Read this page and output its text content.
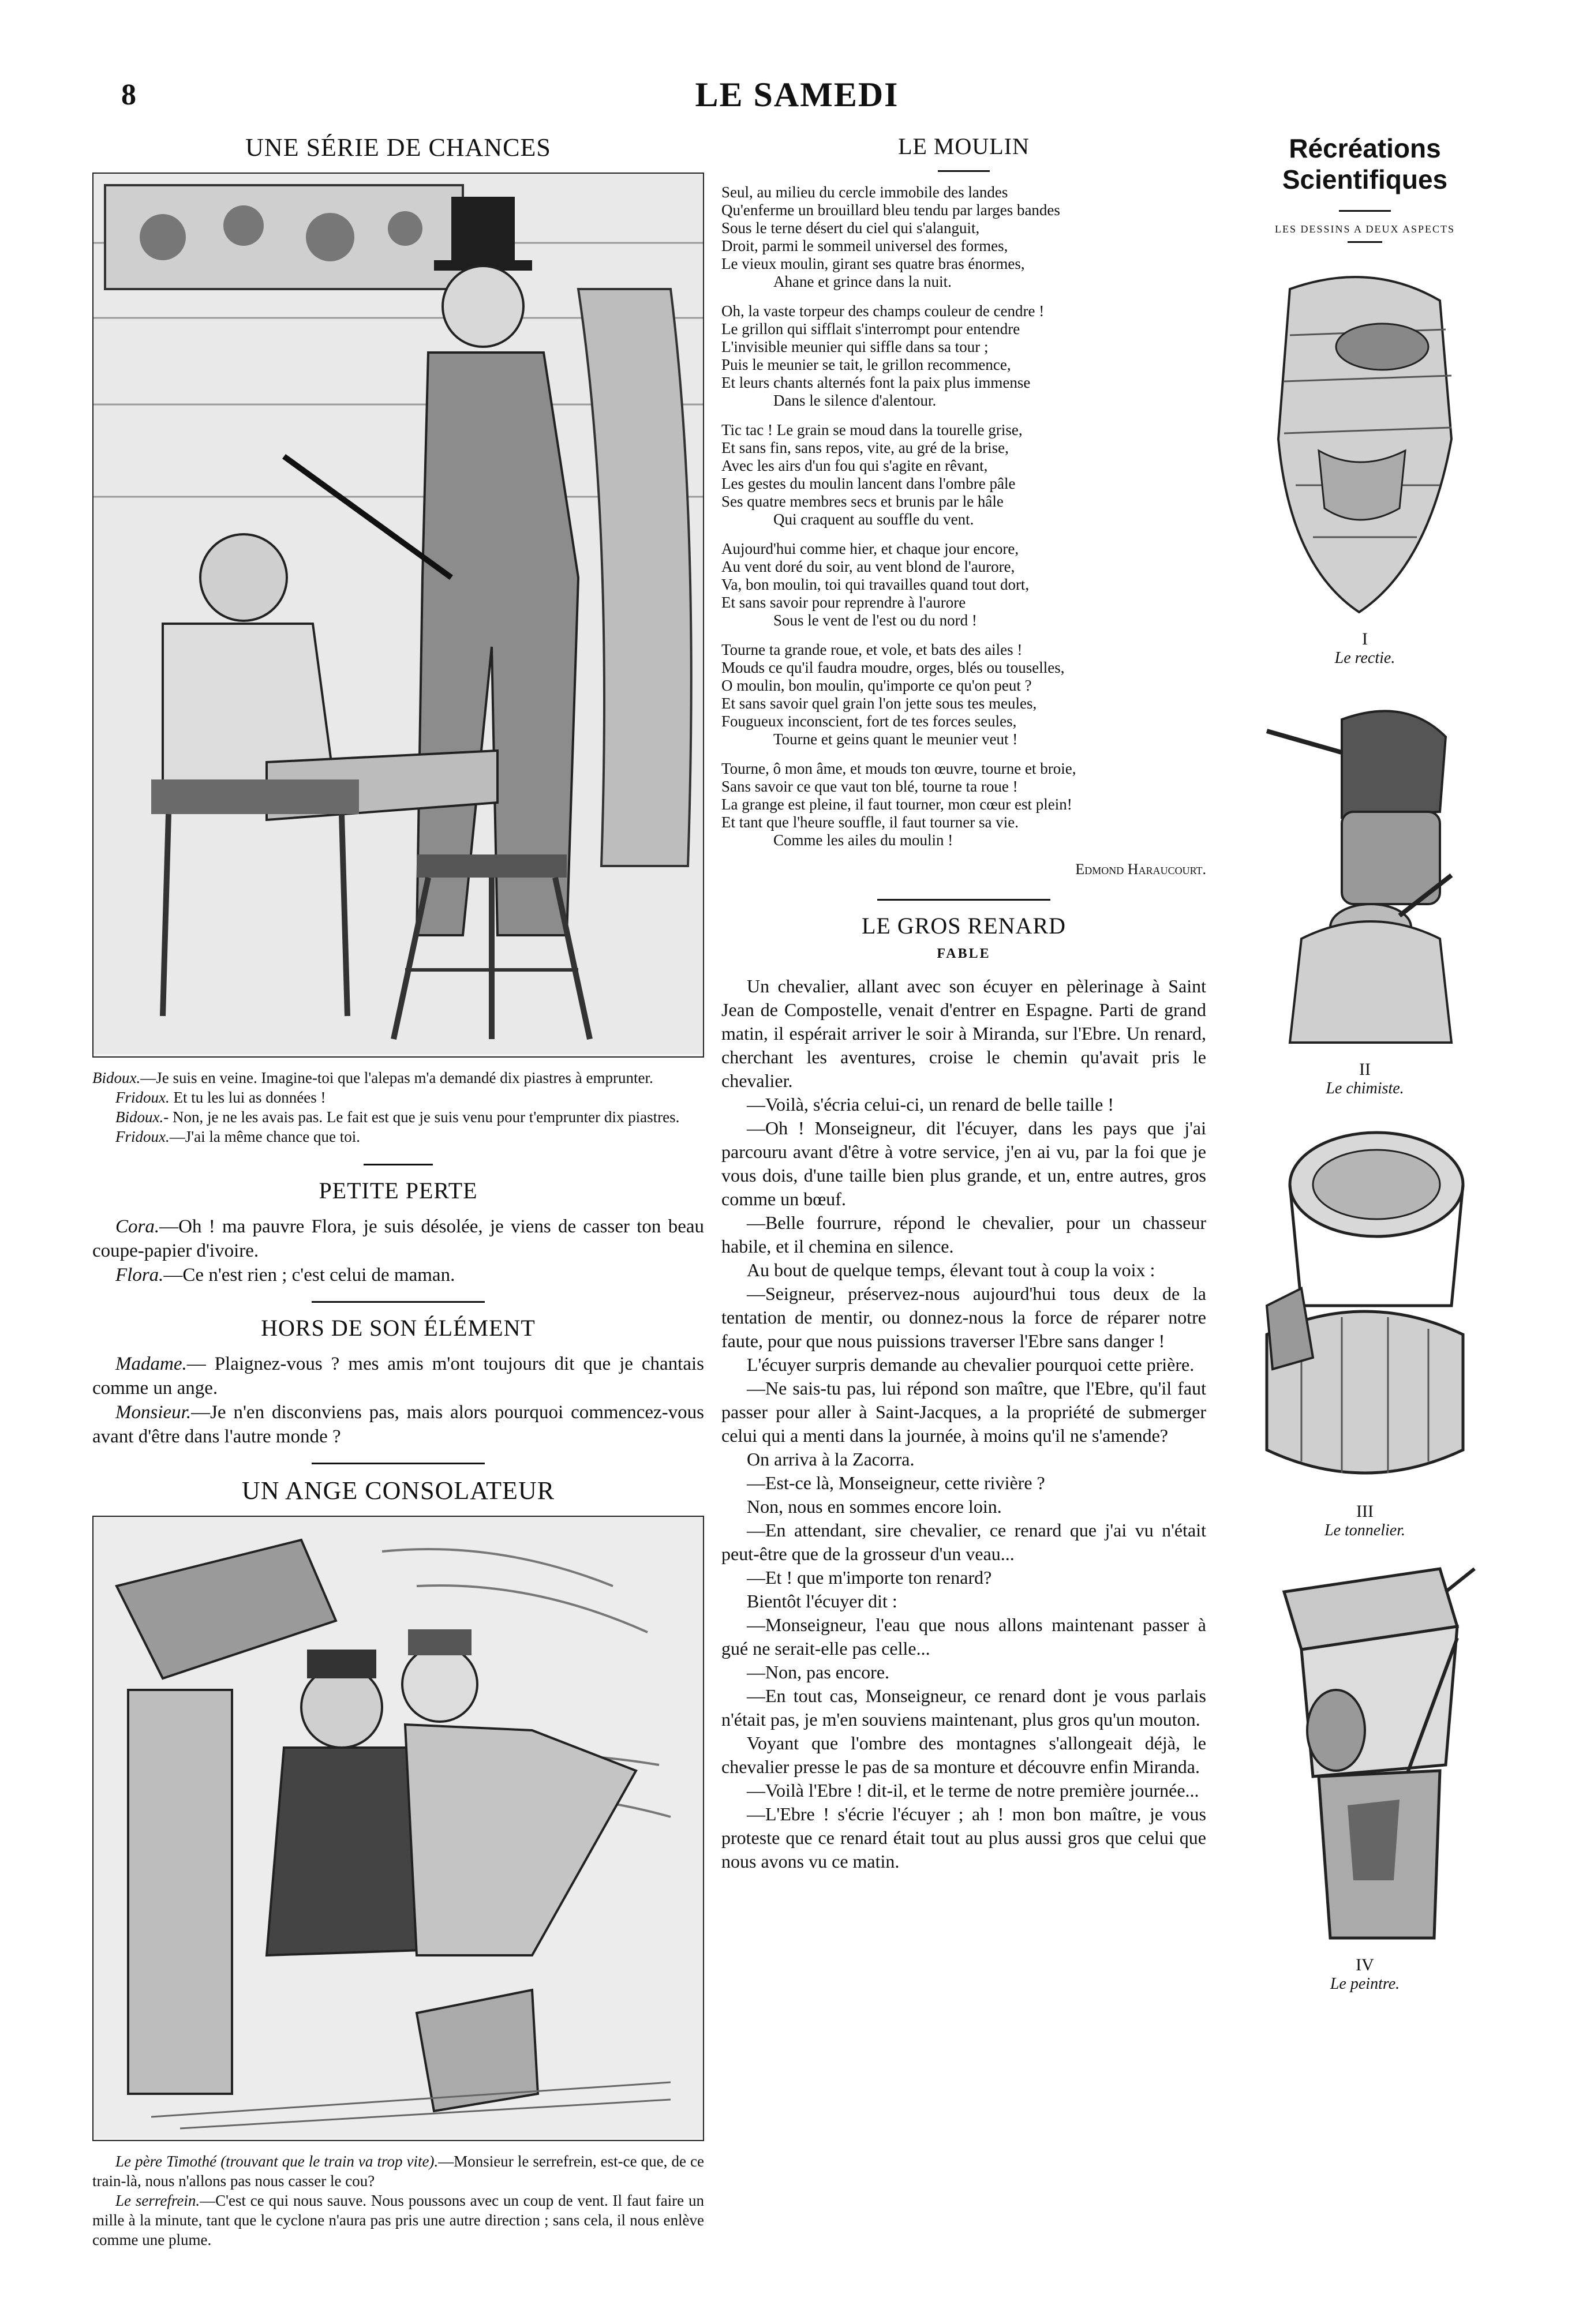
8	LE SAMEDI
UNE SÉRIE DE CHANCES

Bidoux.—Je suis en veine. Imagine-toi que l'alepas m'a demandé dix piastres à emprunter.

Fridoux. Et tu les lui as données !

Bidoux.- Non, je ne les avais pas. Le fait est que je suis venu pour t'emprunter dix piastres.

Fridoux.—J'ai la même chance que toi.

PETITE PERTE

Cora.—Oh ! ma pauvre Flora, je suis désolée, je viens de casser ton beau coupe-papier d'ivoire.

Flora.—Ce n'est rien ; c'est celui de maman.

HORS DE SON ÉLÉMENT

Madame.— Plaignez-vous ? mes amis m'ont toujours dit que je chantais comme un ange.

Monsieur.—Je n'en disconviens pas, mais alors pourquoi commencez-vous avant d'être dans l'autre monde ?

UN ANGE CONSOLATEUR

Le père Timothé (trouvant que le train va trop vite).—Monsieur le serrefrein, est-ce que, de ce train-là, nous n'allons pas nous casser le cou?

Le serrefrein.—C'est ce qui nous sauve. Nous poussons avec un coup de vent. Il faut faire un mille à la minute, tant que le cyclone n'aura pas pris une autre direction ; sans cela, il nous enlève comme une plume.

LE MOULIN
Seul, au milieu du cercle immobile des landes
Qu'enferme un brouillard bleu tendu par larges bandes
Sous le terne désert du ciel qui s'alanguit,
Droit, parmi le sommeil universel des formes,
Le vieux moulin, girant ses quatre bras énormes,
Ahane et grince dans la nuit.
Oh, la vaste torpeur des champs couleur de cendre !
Le grillon qui sifflait s'interrompt pour entendre
L'invisible meunier qui siffle dans sa tour ;
Puis le meunier se tait, le grillon recommence,
Et leurs chants alternés font la paix plus immense
Dans le silence d'alentour.
Tic tac ! Le grain se moud dans la tourelle grise,
Et sans fin, sans repos, vite, au gré de la brise,
Avec les airs d'un fou qui s'agite en rêvant,
Les gestes du moulin lancent dans l'ombre pâle
Ses quatre membres secs et brunis par le hâle
Qui craquent au souffle du vent.
Aujourd'hui comme hier, et chaque jour encore,
Au vent doré du soir, au vent blond de l'aurore,
Va, bon moulin, toi qui travailles quand tout dort,
Et sans savoir pour reprendre à l'aurore
Sous le vent de l'est ou du nord !
Tourne ta grande roue, et vole, et bats des ailes !
Mouds ce qu'il faudra moudre, orges, blés ou touselles,
O moulin, bon moulin, qu'importe ce qu'on peut ?
Et sans savoir quel grain l'on jette sous tes meules,
Fougueux inconscient, fort de tes forces seules,
Tourne et geins quant le meunier veut !
Tourne, ô mon âme, et mouds ton œuvre, tourne et broie,
Sans savoir ce que vaut ton blé, tourne ta roue !
La grange est pleine, il faut tourner, mon cœur est plein!
Et tant que l'heure souffle, il faut tourner sa vie.
Comme les ailes du moulin !
Edmond Haraucourt.
LE GROS RENARD
FABLE

Un chevalier, allant avec son écuyer en pèlerinage à Saint Jean de Compostelle, venait d'entrer en Espagne. Parti de grand matin, il espérait arriver le soir à Miranda, sur l'Ebre. Un renard, cherchant les aventures, croise le chemin qu'avait pris le chevalier.

—Voilà, s'écria celui-ci, un renard de belle taille !

—Oh ! Monseigneur, dit l'écuyer, dans les pays que j'ai parcouru avant d'être à votre service, j'en ai vu, par la foi que je vous dois, d'une taille bien plus grande, et un, entre autres, gros comme un bœuf.

—Belle fourrure, répond le chevalier, pour un chasseur habile, et il chemina en silence.

Au bout de quelque temps, élevant tout à coup la voix :

—Seigneur, préservez-nous aujourd'hui tous deux de la tentation de mentir, ou donnez-nous la force de réparer notre faute, pour que nous puissions traverser l'Ebre sans danger !

L'écuyer surpris demande au chevalier pourquoi cette prière.

—Ne sais-tu pas, lui répond son maître, que l'Ebre, qu'il faut passer pour aller à Saint-Jacques, a la propriété de submerger celui qui a menti dans la journée, à moins qu'il ne s'amende?

On arriva à la Zacorra.

—Est-ce là, Monseigneur, cette rivière ?

Non, nous en sommes encore loin.

—En attendant, sire chevalier, ce renard que j'ai vu n'était peut-être que de la grosseur d'un veau...

—Et ! que m'importe ton renard?

Bientôt l'écuyer dit :

—Monseigneur, l'eau que nous allons maintenant passer à gué ne serait-elle pas celle...

—Non, pas encore.

—En tout cas, Monseigneur, ce renard dont je vous parlais n'était pas, je m'en souviens maintenant, plus gros qu'un mouton.

Voyant que l'ombre des montagnes s'allongeait déjà, le chevalier presse le pas de sa monture et découvre enfin Miranda.

—Voilà l'Ebre ! dit-il, et le terme de notre première journée...

—L'Ebre ! s'écrie l'écuyer ; ah ! mon bon maître, je vous proteste que ce renard était tout au plus aussi gros que celui que nous avons vu ce matin.

Récréations Scientifiques
LES DESSINS A DEUX ASPECTS
I
Le rectie.
II
Le chimiste.
III
Le tonnelier.
IV
Le peintre.
